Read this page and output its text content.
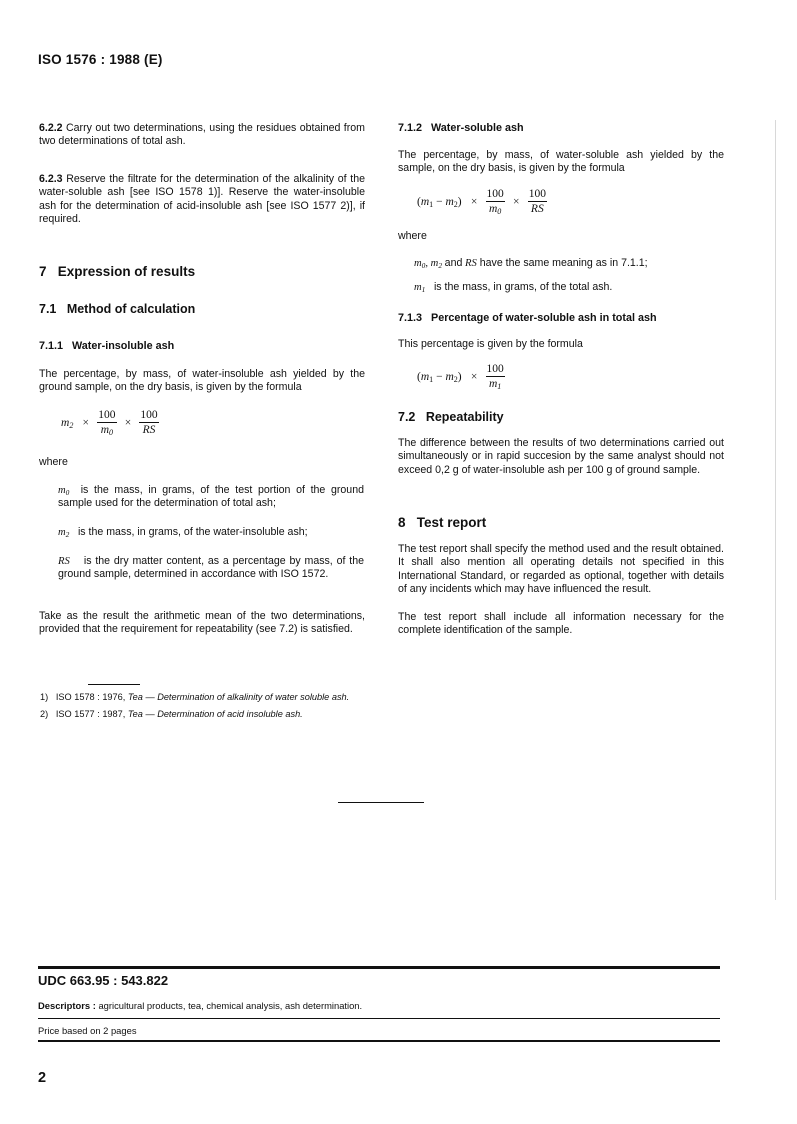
ISO 1576 : 1988 (E)

6.2.2 Carry out two determinations, using the residues obtained from two determinations of total ash.

6.2.3 Reserve the filtrate for the determination of the alkalinity of the water-soluble ash [see ISO 1578 1)]. Reserve the water-insoluble ash for the determination of acid-insoluble ash [see ISO 1577 2)], if required.

7 Expression of results
7.1 Method of calculation
7.1.1 Water-insoluble ash

The percentage, by mass, of water-insoluble ash yielded by the ground sample, on the dry basis, is given by the formula

$m_2 \times \frac{100}{m_0} \times \frac{100}{RS}$
where
$m_0$ is the mass, in grams, of the test portion of the ground sample used for the determination of total ash;
$m_2$ is the mass, in grams, of the water-insoluble ash;
RS is the dry matter content, as a percentage by mass, of the ground sample, determined in accordance with ISO 1572.

Take as the result the arithmetic mean of the two determinations, provided that the requirement for repeatability (see 7.2) is satisfied.

7.1.2 Water-soluble ash

The percentage, by mass, of water-soluble ash yielded by the sample, on the dry basis, is given by the formula

$(m_1 - m_2) \times \frac{100}{m_0} \times \frac{100}{RS}$
where
$m_0$, $m_2$ and RS have the same meaning as in 7.1.1;
$m_1$ is the mass, in grams, of the total ash.
7.1.3 Percentage of water-soluble ash in total ash

This percentage is given by the formula

$(m_1 - m_2) \times \frac{100}{m_1}$
7.2 Repeatability

The difference between the results of two determinations carried out simultaneously or in rapid succesion by the same analyst should not exceed 0,2 g of water-insoluble ash per 100 g of ground sample.

8 Test report

The test report shall specify the method used and the result obtained. It shall also mention all operating details not specified in this International Standard, or regarded as optional, together with details of any incidents which may have influenced the result.

The test report shall include all information necessary for the complete identification of the sample.

1) ISO 1578 : 1976, Tea — Determination of alkalinity of water soluble ash.
2) ISO 1577 : 1987, Tea — Determination of acid insoluble ash.
UDC 663.95 : 543.822
Descriptors : agricultural products, tea, chemical analysis, ash determination.
Price based on 2 pages
2
